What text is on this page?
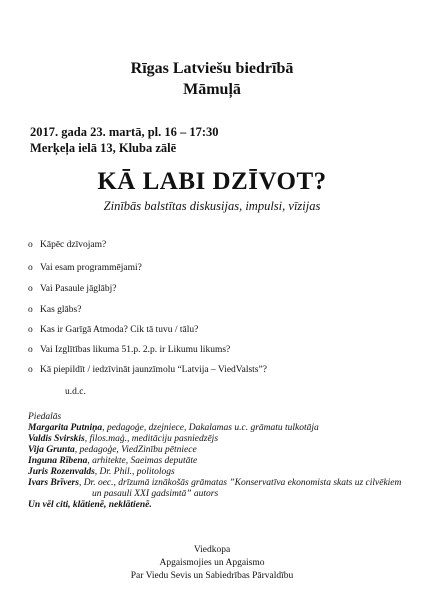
Rīgas Latviešu biedrībā
Māmuļā
2017. gada 23. martā, pl. 16 – 17:30
Merķeļa ielā 13, Kluba zālē
KĀ LABI DZĪVOT?
Zinībās balstītas diskusijas, impulsi, vīzijas
o Kāpēc dzīvojam?
o Vai esam programmējami?
o Vai Pasaule jāglābj?
o Kas glābs?
o Kas ir Garīgā Atmoda? Cik tā tuvu / tālu?
o Vai Izglītības likuma 51.p. 2.p. ir Likumu likums?
o Kā piepildīt / iedzīvināt jaunzīmolu “Latvija – ViedValsts”?
u.d.c.
Piedalās
Margarita Putniņa, pedagoģe, dzejniece, Dakalamas u.c. grāmatu tulkotāja
Valdis Svirskis, filos.maģ., meditāciju pasniedzējs
Vija Grunta, pedagoģe, ViedZinību pētniece
Inguna Rībena, arhitekte, Saeimas deputāte
Juris Rozenvalds, Dr. Phil., politologs
Ivars Brīvers, Dr. oec., drīzumā iznākošās grāmatas ”Konservatīva ekonomista skats uz cilvēkiem
un pasauli XXI gadsimtā” autors
Un vēl citi, klātienē, neklātienē.
Viedkopa
Apgaismojies un Apgaismo
Par Viedu Sevis un Sabiedrības Pārvaldību
